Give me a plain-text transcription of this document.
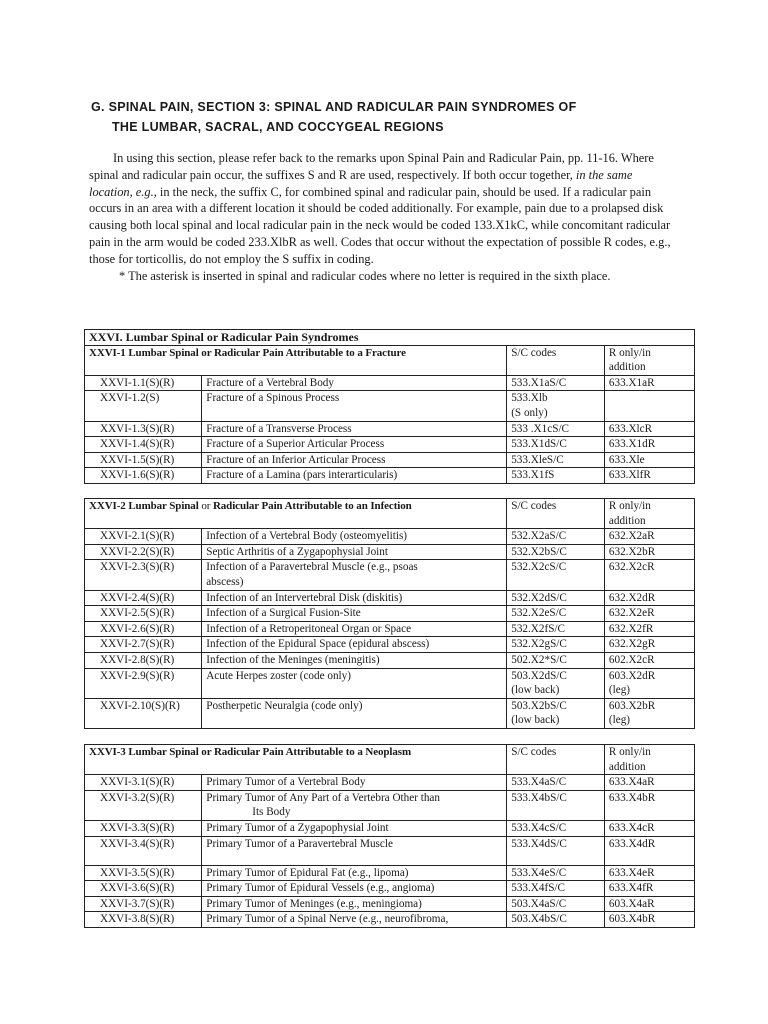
G. SPINAL PAIN, SECTION 3: SPINAL AND RADICULAR PAIN SYNDROMES OF
THE LUMBAR, SACRAL, AND COCCYGEAL REGIONS

In using this section, please refer back to the remarks upon Spinal Pain and Radicular Pain, pp. 11-16. Where spinal and radicular pain occur, the suffixes S and R are used, respectively. If both occur together, in the same location, e.g., in the neck, the suffix C, for combined spinal and radicular pain, should be used. If a radicular pain occurs in an area with a different location it should be coded additionally. For example, pain due to a prolapsed disk causing both local spinal and local radicular pain in the neck would be coded 133.X1kC, while concomitant radicular pain in the arm would be coded 233.XlbR as well. Codes that occur without the expectation of possible R codes, e.g., those for torticollis, do not employ the S suffix in coding.

* The asterisk is inserted in spinal and radicular codes where no letter is required in the sixth place.

XXVI. Lumbar Spinal or Radicular Pain Syndromes			
XXVI-1 Lumbar Spinal or Radicular Pain Attributable to a Fracture		S/C codes	R only/in
addition
XXVI-1.1(S)(R)	Fracture of a Vertebral Body	533.X1aS/C	633.X1aR
XXVI-1.2(S)	Fracture of a Spinous Process	533.Xlb
(S only)	
XXVI-1.3(S)(R)	Fracture of a Transverse Process	533 .X1cS/C	633.XlcR
XXVI-1.4(S)(R)	Fracture of a Superior Articular Process	533.X1dS/C	633.X1dR
XXVI-1.5(S)(R)	Fracture of an Inferior Articular Process	533.XleS/C	633.Xle
XXVI-1.6(S)(R)	Fracture of a Lamina (pars interarticularis)	533.X1fS	633.XlfR
XXVI-2 Lumbar Spinal or Radicular Pain Attributable to an Infection		S/C codes	R only/in
addition
XXVI-2.1(S)(R)	Infection of a Vertebral Body (osteomyelitis)	532.X2aS/C	632.X2aR
XXVI-2.2(S)(R)	Septic Arthritis of a Zygapophysial Joint	532.X2bS/C	632.X2bR
XXVI-2.3(S)(R)	Infection of a Paravertebral Muscle (e.g., psoas
abscess)	532.X2cS/C	632.X2cR
XXVI-2.4(S)(R)	Infection of an Intervertebral Disk (diskitis)	532.X2dS/C	632.X2dR
XXVI-2.5(S)(R)	Infection of a Surgical Fusion-Site	532.X2eS/C	632.X2eR
XXVI-2.6(S)(R)	Infection of a Retroperitoneal Organ or Space	532.X2fS/C	632.X2fR
XXVI-2.7(S)(R)	Infection of the Epidural Space (epidural abscess)	532.X2gS/C	632.X2gR
XXVI-2.8(S)(R)	Infection of the Meninges (meningitis)	502.X2*S/C	602.X2cR
XXVI-2.9(S)(R)	Acute Herpes zoster (code only)	503.X2dS/C
(low back)	603.X2dR
(leg)
XXVI-2.10(S)(R)	Postherpetic Neuralgia (code only)	503.X2bS/C
(low back)	603.X2bR
(leg)
XXVI-3 Lumbar Spinal or Radicular Pain Attributable to a Neoplasm		S/C codes	R only/in
addition
XXVI-3.1(S)(R)	Primary Tumor of a Vertebral Body	533.X4aS/C	633.X4aR
XXVI-3.2(S)(R)	Primary Tumor of Any Part of a Vertebra Other than
Its Body	533.X4bS/C	633.X4bR
XXVI-3.3(S)(R)	Primary Tumor of a Zygapophysial Joint	533.X4cS/C	633.X4cR
XXVI-3.4(S)(R)	Primary Tumor of a Paravertebral Muscle	533.X4dS/C	633.X4dR
XXVI-3.5(S)(R)	Primary Tumor of Epidural Fat (e.g., lipoma)	533.X4eS/C	633.X4eR
XXVI-3.6(S)(R)	Primary Tumor of Epidural Vessels (e.g., angioma)	533.X4fS/C	633.X4fR
XXVI-3.7(S)(R)	Primary Tumor of Meninges (e.g., meningioma)	503.X4aS/C	603.X4aR
XXVI-3.8(S)(R)	Primary Tumor of a Spinal Nerve (e.g., neurofibroma,	503.X4bS/C	603.X4bR
